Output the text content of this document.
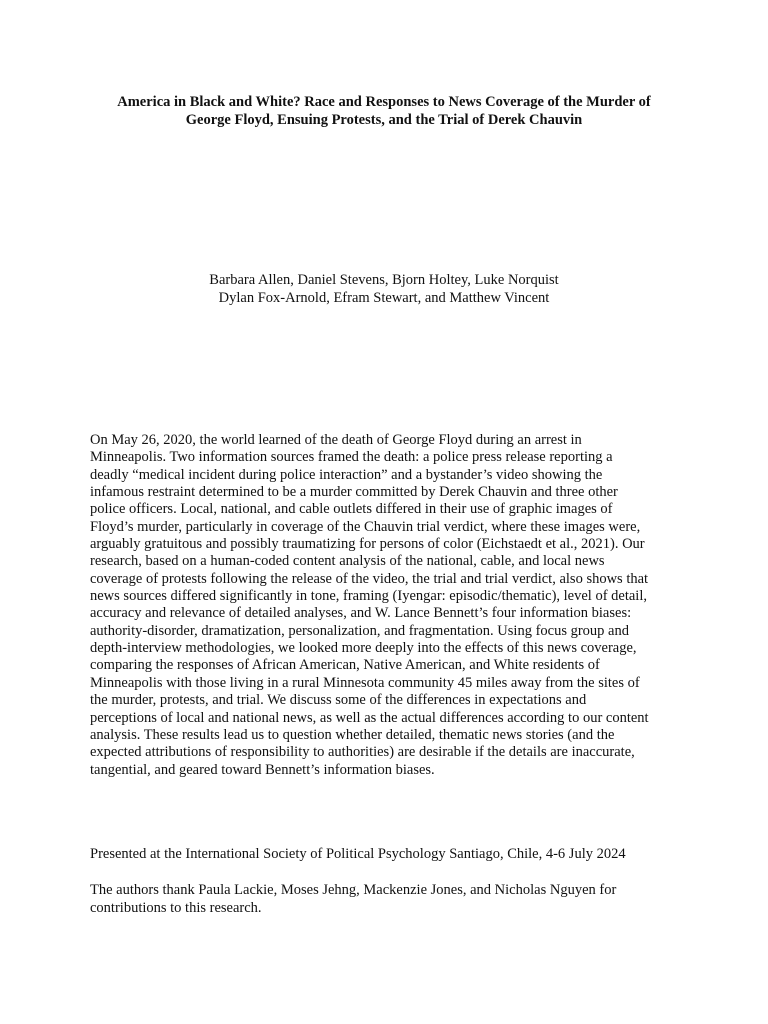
America in Black and White? Race and Responses to News Coverage of the Murder of
George Floyd, Ensuing Protests, and the Trial of Derek Chauvin
Barbara Allen, Daniel Stevens, Bjorn Holtey, Luke Norquist
Dylan Fox-Arnold, Efram Stewart, and Matthew Vincent
On May 26, 2020, the world learned of the death of George Floyd during an arrest in
Minneapolis. Two information sources framed the death: a police press release reporting a
deadly “medical incident during police interaction” and a bystander’s video showing the
infamous restraint determined to be a murder committed by Derek Chauvin and three other
police officers. Local, national, and cable outlets differed in their use of graphic images of
Floyd’s murder, particularly in coverage of the Chauvin trial verdict, where these images were,
arguably gratuitous and possibly traumatizing for persons of color (Eichstaedt et al., 2021). Our
research, based on a human-coded content analysis of the national, cable, and local news
coverage of protests following the release of the video, the trial and trial verdict, also shows that
news sources differed significantly in tone, framing (Iyengar: episodic/thematic), level of detail,
accuracy and relevance of detailed analyses, and W. Lance Bennett’s four information biases:
authority-disorder, dramatization, personalization, and fragmentation. Using focus group and
depth-interview methodologies, we looked more deeply into the effects of this news coverage,
comparing the responses of African American, Native American, and White residents of
Minneapolis with those living in a rural Minnesota community 45 miles away from the sites of
the murder, protests, and trial. We discuss some of the differences in expectations and
perceptions of local and national news, as well as the actual differences according to our content
analysis. These results lead us to question whether detailed, thematic news stories (and the
expected attributions of responsibility to authorities) are desirable if the details are inaccurate,
tangential, and geared toward Bennett’s information biases.
Presented at the International Society of Political Psychology Santiago, Chile, 4-6 July 2024
The authors thank Paula Lackie, Moses Jehng, Mackenzie Jones, and Nicholas Nguyen for
contributions to this research.
